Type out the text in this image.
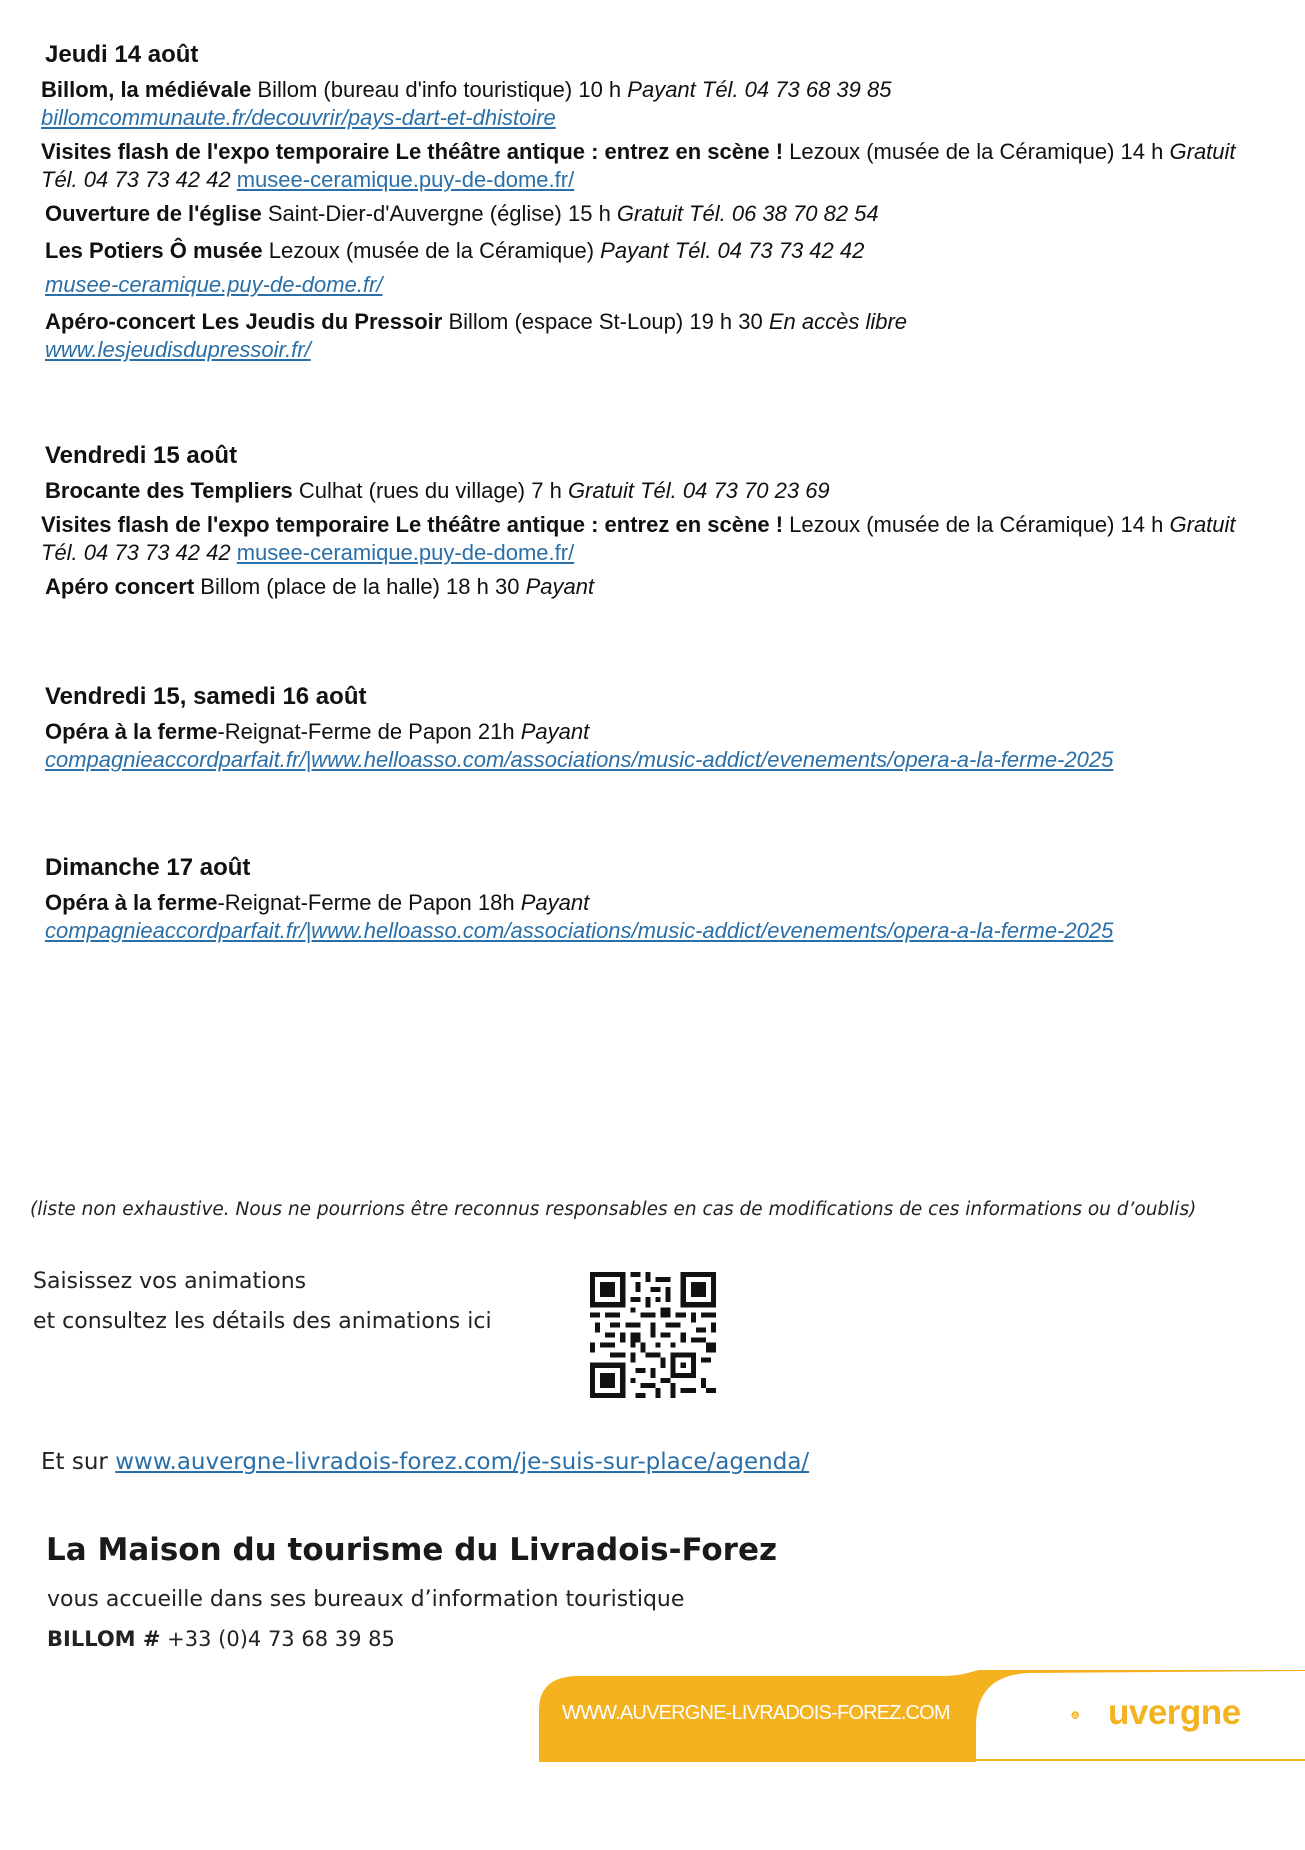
Jeudi 14 août

Billom, la médiévale Billom (bureau d'info touristique) 10 h Payant Tél. 04 73 68 39 85
billomcommunaute.fr/decouvrir/pays-dart-et-dhistoire

Visites flash de l'expo temporaire Le théâtre antique : entrez en scène ! Lezoux (musée de la Céramique) 14 h Gratuit Tél. 04 73 73 42 42 musee-ceramique.puy-de-dome.fr/

Ouverture de l'église Saint-Dier-d'Auvergne (église) 15 h Gratuit Tél. 06 38 70 82 54

Les Potiers Ô musée Lezoux (musée de la Céramique) Payant Tél. 04 73 73 42 42
musee-ceramique.puy-de-dome.fr/

Apéro-concert Les Jeudis du Pressoir Billom (espace St-Loup) 19 h 30 En accès libre
www.lesjeudisdupressoir.fr/

Vendredi 15 août

Brocante des Templiers Culhat (rues du village) 7 h Gratuit Tél. 04 73 70 23 69

Visites flash de l'expo temporaire Le théâtre antique : entrez en scène ! Lezoux (musée de la Céramique) 14 h Gratuit Tél. 04 73 73 42 42 musee-ceramique.puy-de-dome.fr/

Apéro concert Billom (place de la halle) 18 h 30 Payant

Vendredi 15, samedi 16 août

Opéra à la ferme-Reignat-Ferme de Papon 21h Payant
compagnieaccordparfait.fr/|www.helloasso.com/associations/music-addict/evenements/opera-a-la-ferme-2025

Dimanche 17 août

Opéra à la ferme-Reignat-Ferme de Papon 18h Payant
compagnieaccordparfait.fr/|www.helloasso.com/associations/music-addict/evenements/opera-a-la-ferme-2025

(liste non exhaustive. Nous ne pourrions être reconnus responsables en cas de modifications de ces informations ou d’oublis)
Saisissez vos animations
et consultez les détails des animations ici
Et sur www.auvergne-livradois-forez.com/je-suis-sur-place/agenda/
La Maison du tourisme du Livradois-Forez
vous accueille dans ses bureaux d’information touristique
BILLOM # +33 (0)4 73 68 39 85
WWW.AUVERGNE-LIVRADOIS-FOREZ.COM	uvergne
